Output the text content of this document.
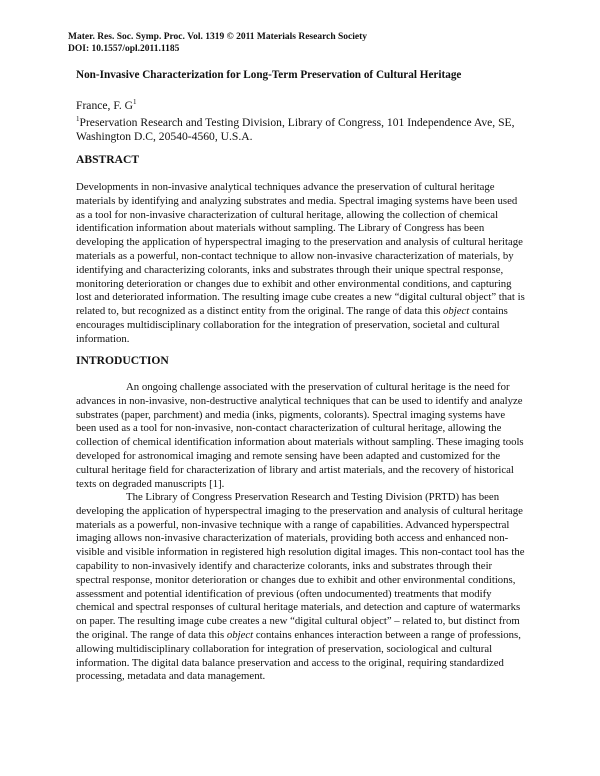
Mater. Res. Soc. Symp. Proc. Vol. 1319 © 2011 Materials Research Society
DOI: 10.1557/opl.2011.1185
Non-Invasive Characterization for Long-Term Preservation of Cultural Heritage
France, F. $G^1$
$^1$Preservation Research and Testing Division, Library of Congress, 101 Independence Ave, SE,
Washington D.C, 20540-4560, U.S.A.
ABSTRACT

Developments in non-invasive analytical techniques advance the preservation of cultural heritage materials by identifying and analyzing substrates and media. Spectral imaging systems have been used as a tool for non-invasive characterization of cultural heritage, allowing the collection of chemical identification information about materials without sampling. The Library of Congress has been developing the application of hyperspectral imaging to the preservation and analysis of cultural heritage materials as a powerful, non-contact technique to allow non-invasive characterization of materials, by identifying and characterizing colorants, inks and substrates through their unique spectral response, monitoring deterioration or changes due to exhibit and other environmental conditions, and capturing lost and deteriorated information. The resulting image cube creates a new “digital cultural object” that is related to, but recognized as a distinct entity from the original. The range of data this object contains encourages multidisciplinary collaboration for the integration of preservation, societal and cultural information.

INTRODUCTION

An ongoing challenge associated with the preservation of cultural heritage is the need for advances in non-invasive, non-destructive analytical techniques that can be used to identify and analyze substrates (paper, parchment) and media (inks, pigments, colorants). Spectral imaging systems have been used as a tool for non-invasive, non-contact characterization of cultural heritage, allowing the collection of chemical identification information about materials without sampling. These imaging tools developed for astronomical imaging and remote sensing have been adapted and customized for the cultural heritage field for characterization of library and artist materials, and the recovery of historical texts on degraded manuscripts [1].

The Library of Congress Preservation Research and Testing Division (PRTD) has been developing the application of hyperspectral imaging to the preservation and analysis of cultural heritage materials as a powerful, non-invasive technique with a range of capabilities. Advanced hyperspectral imaging allows non-invasive characterization of materials, providing both access and enhanced non-visible and visible information in registered high resolution digital images. This non-contact tool has the capability to non-invasively identify and characterize colorants, inks and substrates through their spectral response, monitor deterioration or changes due to exhibit and other environmental conditions, assessment and potential identification of previous (often undocumented) treatments that modify chemical and spectral responses of cultural heritage materials, and detection and capture of watermarks on paper. The resulting image cube creates a new “digital cultural object” – related to, but distinct from the original. The range of data this object contains enhances interaction between a range of professions, allowing multidisciplinary collaboration for integration of preservation, sociological and cultural information. The digital data balance preservation and access to the original, requiring standardized processing, metadata and data management.
